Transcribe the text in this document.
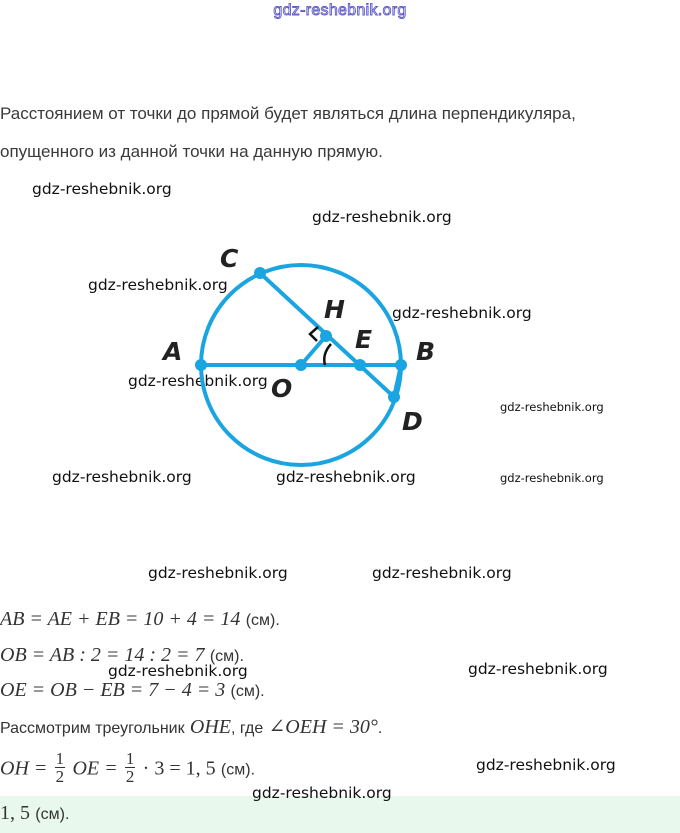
gdz-reshebnik.org
Расстоянием от точки до прямой будет являться длина перпендикуляра,
опущенного из данной точки на данную прямую.
gdz-reshebnik.org
gdz-reshebnik.org
gdz-reshebnik.org
gdz-reshebnik.org
gdz-reshebnik.org
gdz-reshebnik.org
gdz-reshebnik.org	gdz-reshebnik.org	gdz-reshebnik.org
gdz-reshebnik.org	gdz-reshebnik.org
gdz-reshebnik.org	gdz-reshebnik.org
gdz-reshebnik.org
C
H
A	E B
O
D
AB = AE + EB = 10 + 4 = 14 (см).
OB = AB : 2 = 14 : 2 = 7 (см).
OE = OB − EB = 7 − 4 = 3 (см).
Рассмотрим треугольник OHE, где ∠OEH = 30°.
OH = $\frac{1}{2}$ OE = $\frac{1}{2} \cdot 3 = 1$, 5 (см).
1, 5 (см).
gdz-reshebnik.org
gdz-reshebnik.org
